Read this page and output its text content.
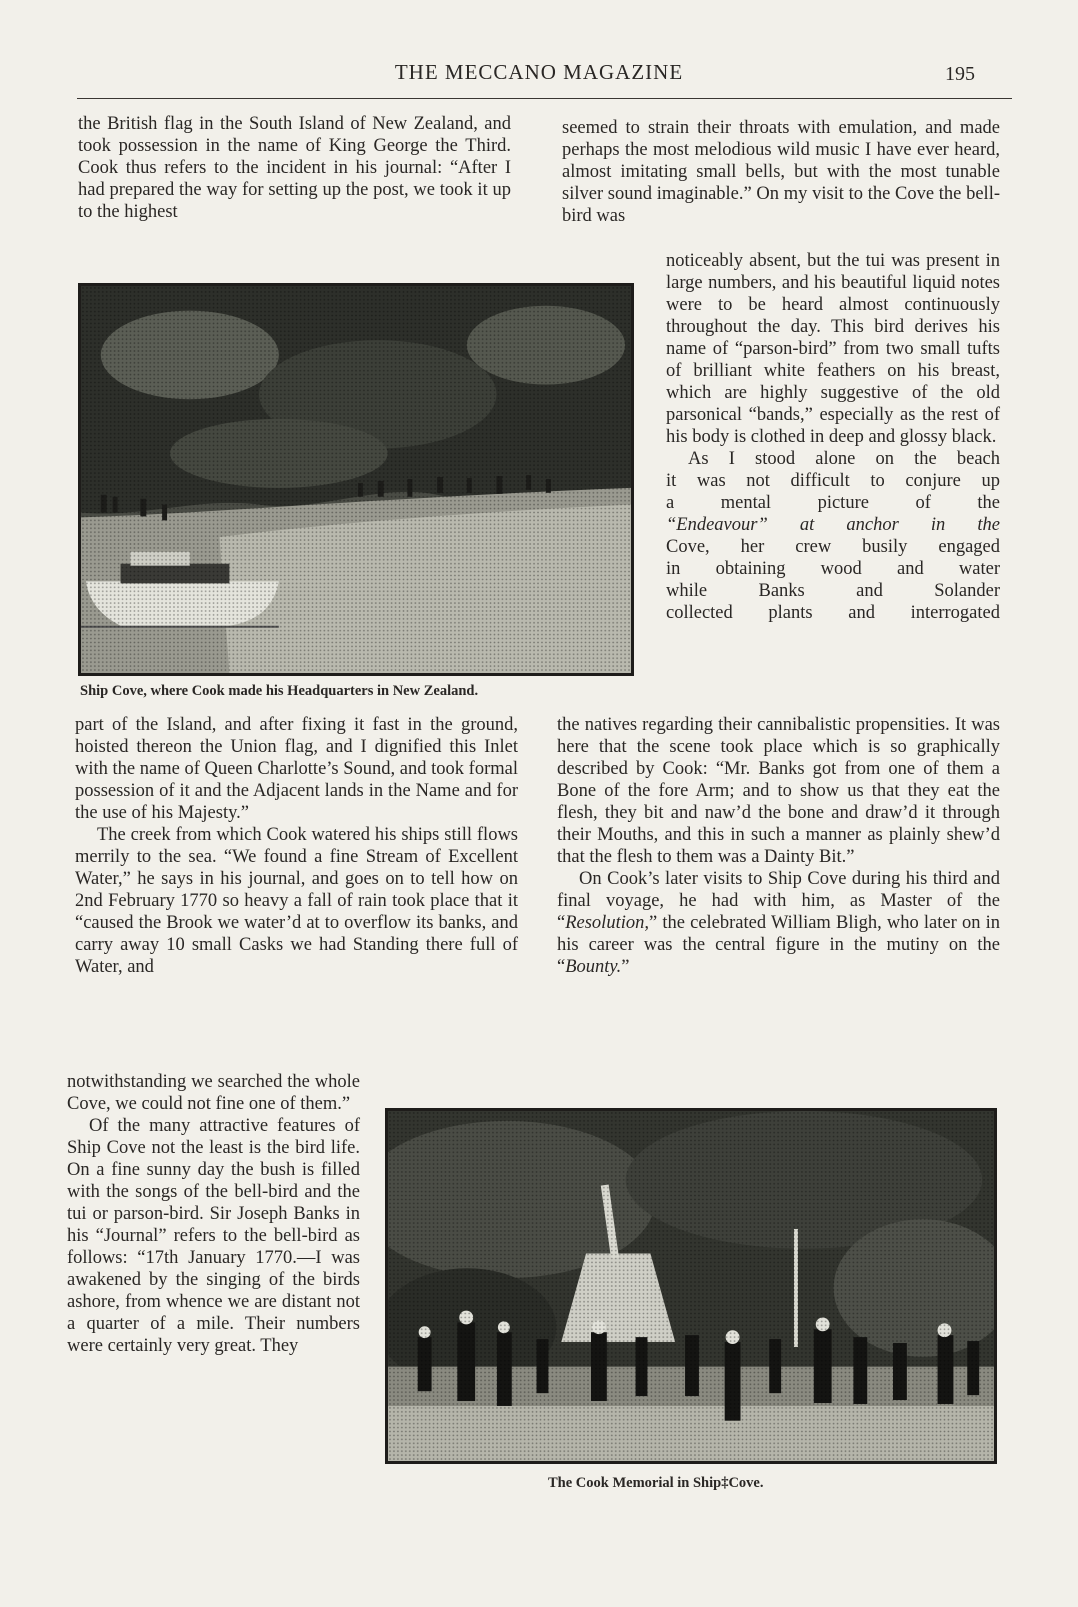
THE MECCANO MAGAZINE	195

the British flag in the South Island of New Zealand, and took possession in the name of King George the Third. Cook thus refers to the incident in his journal: “After I had prepared the way for setting up the post, we took it up to the highest

seemed to strain their throats with emulation, and made perhaps the most melodious wild music I have ever heard, almost imitating small bells, but with the most tunable silver sound imaginable.” On my visit to the Cove the bell-bird was

Ship Cove, where Cook made his Headquarters in New Zealand.

noticeably absent, but the tui was present in large numbers, and his beautiful liquid notes were to be heard almost continuously throughout the day. This bird derives his name of “parson-bird” from two small tufts of brilliant white feathers on his breast, which are highly suggestive of the old parsonical “bands,” especially as the rest of his body is clothed in deep and glossy black.

As I stood alone on the beach
it was not difficult to conjure up
a mental picture of the
“Endeavour” at anchor in the
Cove, her crew busily engaged
in obtaining wood and water
while Banks and Solander
collected plants and interrogated

part of the Island, and after fixing it fast in the ground, hoisted thereon the Union flag, and I dignified this Inlet with the name of Queen Charlotte’s Sound, and took formal possession of it and the Adjacent lands in the Name and for the use of his Majesty.”

The creek from which Cook watered his ships still flows merrily to the sea. “We found a fine Stream of Excellent Water,” he says in his journal, and goes on to tell how on 2nd February 1770 so heavy a fall of rain took place that it “caused the Brook we water’d at to overflow its banks, and carry away 10 small Casks we had Standing there full of Water, and

the natives regarding their cannibalistic propensities. It was here that the scene took place which is so graphically described by Cook: “Mr. Banks got from one of them a Bone of the fore Arm; and to show us that they eat the flesh, they bit and naw’d the bone and draw’d it through their Mouths, and this in such a manner as plainly shew’d that the flesh to them was a Dainty Bit.”

On Cook’s later visits to Ship Cove during his third and final voyage, he had with him, as Master of the “Resolution,” the celebrated William Bligh, who later on in his career was the central figure in the mutiny on the “Bounty.”

notwithstanding we searched the whole Cove, we could not fine one of them.”

Of the many attractive features of Ship Cove not the least is the bird life. On a fine sunny day the bush is filled with the songs of the bell-bird and the tui or parson-bird. Sir Joseph Banks in his “Journal” refers to the bell-bird as follows: “17th January 1770.—I was awakened by the singing of the birds ashore, from whence we are distant not a quarter of a mile. Their numbers were certainly very great. They

The Cook Memorial in Ship‡Cove.
